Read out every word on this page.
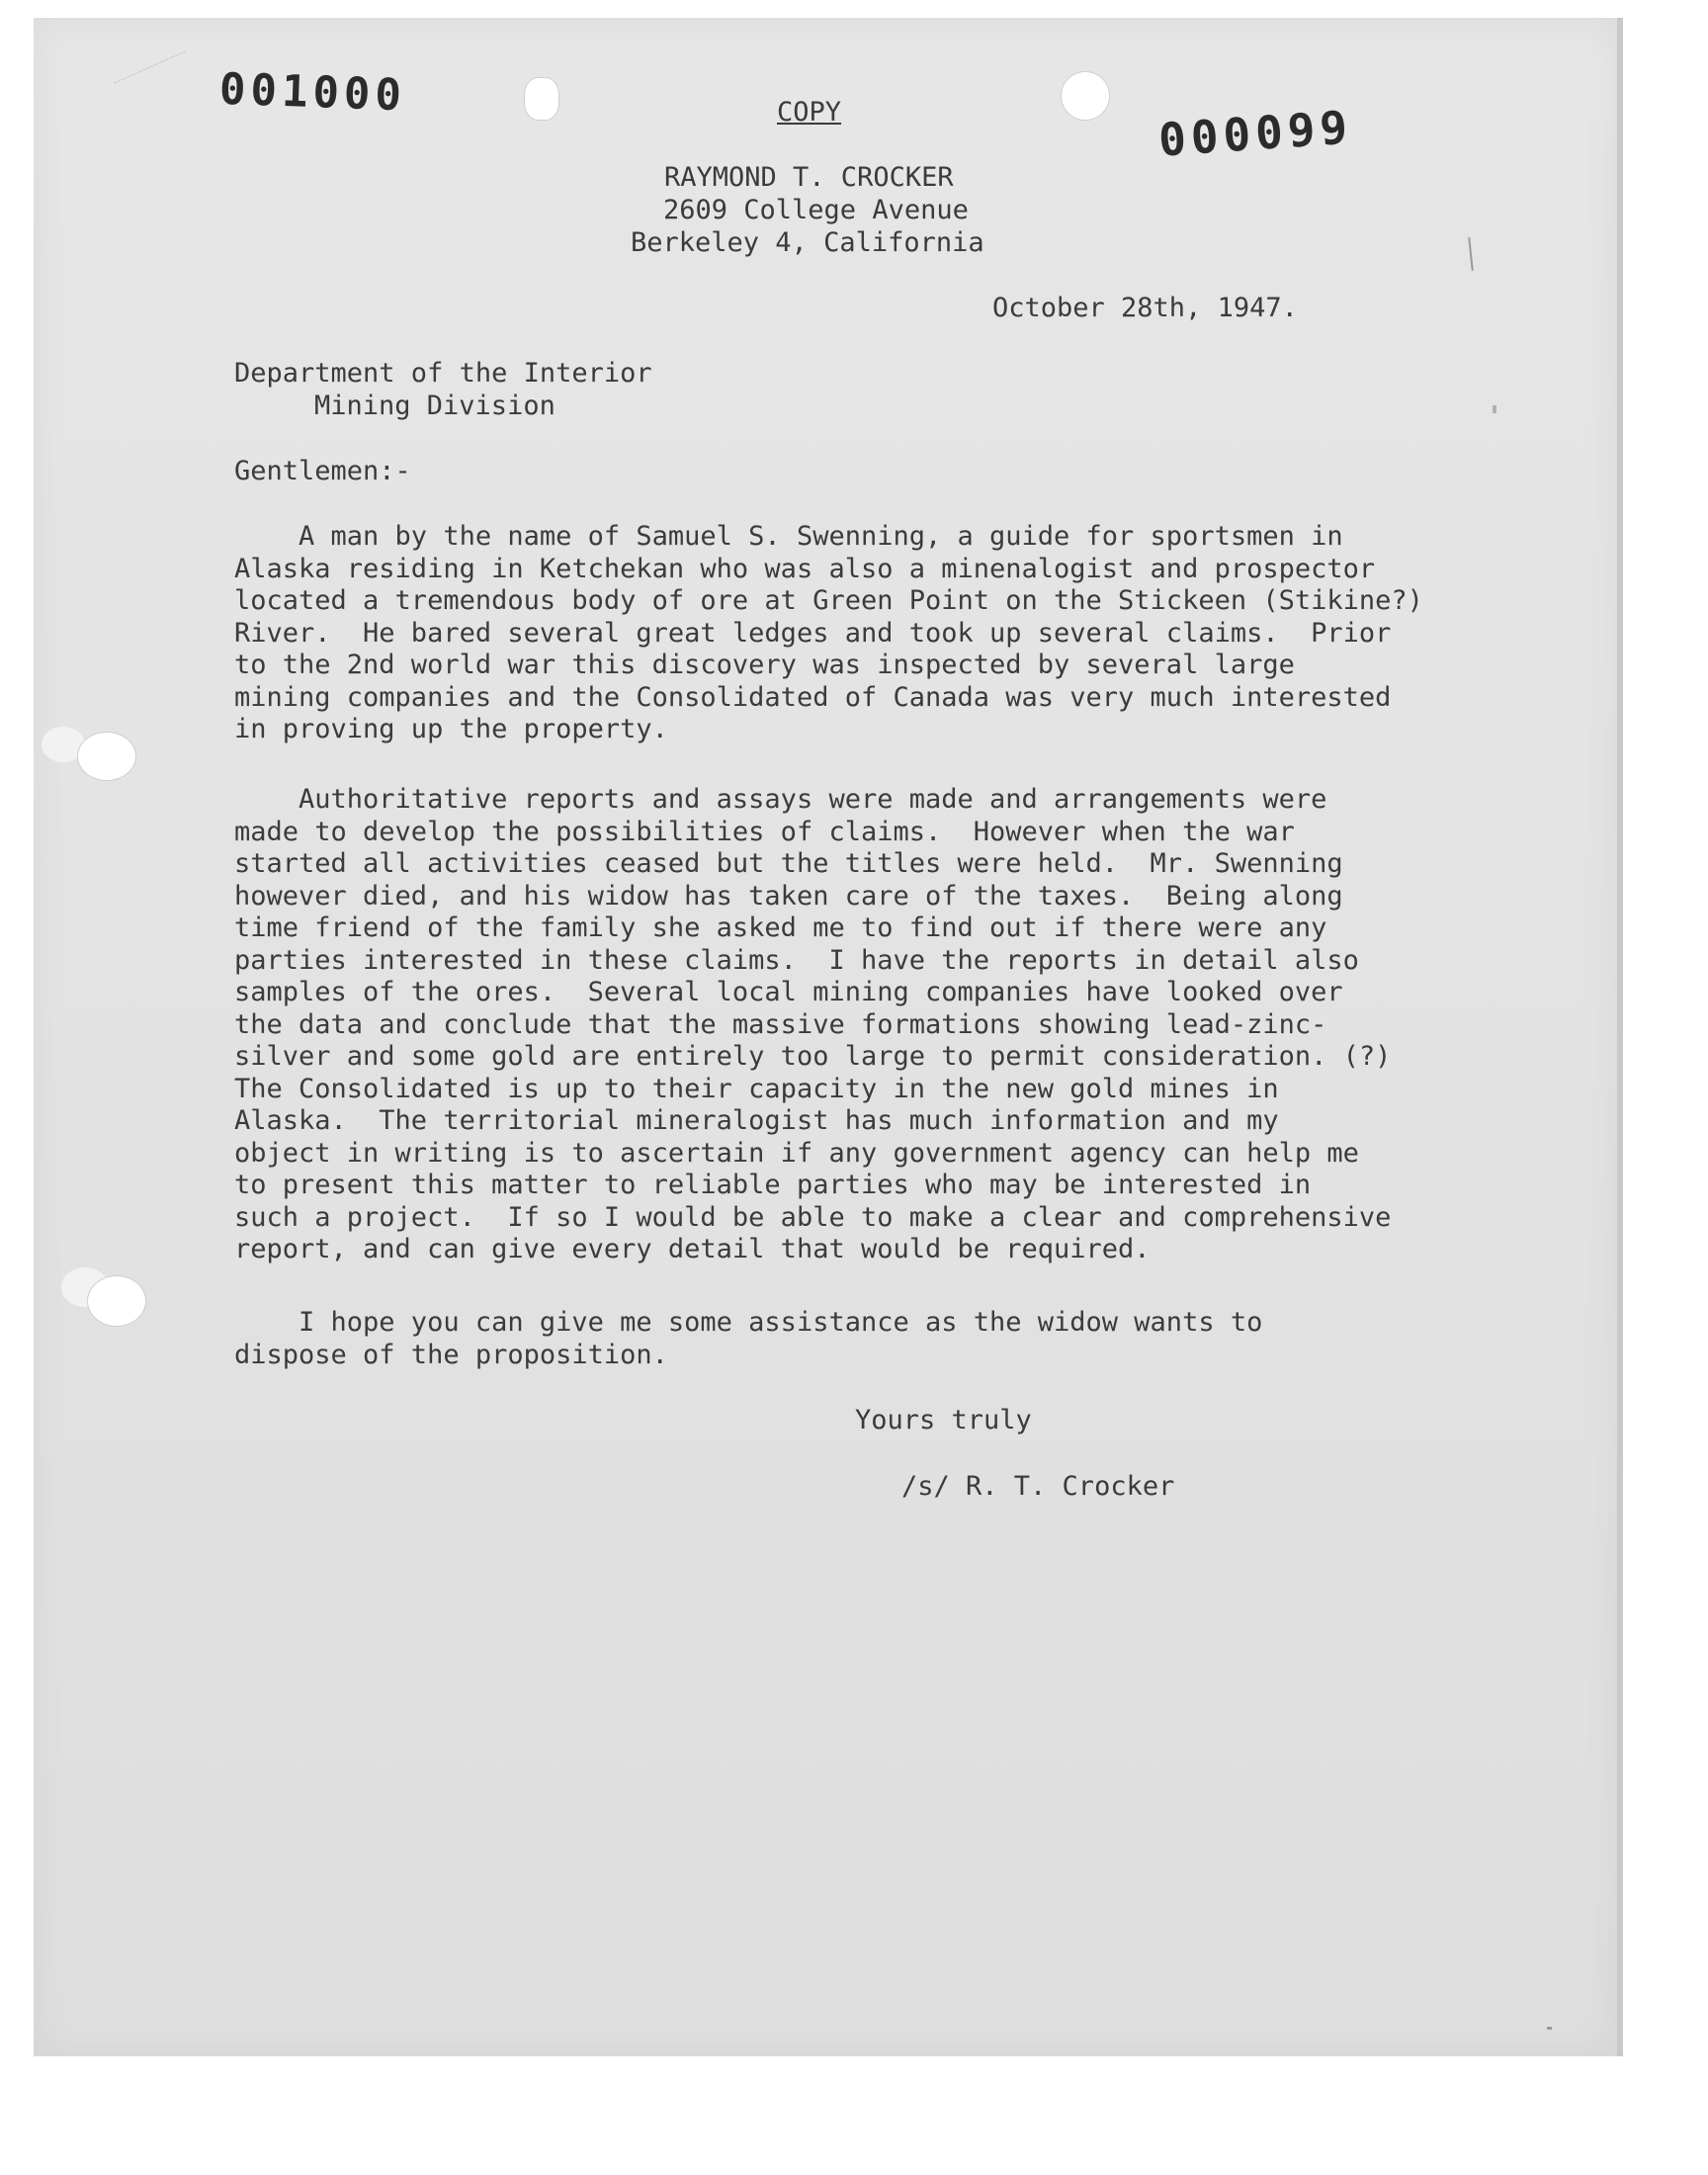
001000
000099
COPY
RAYMOND T. CROCKER
2609 College Avenue
Berkeley 4, California
October 28th, 1947.
Department of the Interior
Mining Division
Gentlemen:-
A man by the name of Samuel S. Swenning, a guide for sportsmen in
Alaska residing in Ketchekan who was also a minenalogist and prospector
located a tremendous body of ore at Green Point on the Stickeen (Stikine?)
River.  He bared several great ledges and took up several claims.  Prior
to the 2nd world war this discovery was inspected by several large
mining companies and the Consolidated of Canada was very much interested
in proving up the property.
Authoritative reports and assays were made and arrangements were
made to develop the possibilities of claims.  However when the war
started all activities ceased but the titles were held.  Mr. Swenning
however died, and his widow has taken care of the taxes.  Being along
time friend of the family she asked me to find out if there were any
parties interested in these claims.  I have the reports in detail also
samples of the ores.  Several local mining companies have looked over
the data and conclude that the massive formations showing lead-zinc-
silver and some gold are entirely too large to permit consideration. (?)
The Consolidated is up to their capacity in the new gold mines in
Alaska.  The territorial mineralogist has much information and my
object in writing is to ascertain if any government agency can help me
to present this matter to reliable parties who may be interested in
such a project.  If so I would be able to make a clear and comprehensive
report, and can give every detail that would be required.
I hope you can give me some assistance as the widow wants to
dispose of the proposition.
Yours truly
/s/ R. T. Crocker
